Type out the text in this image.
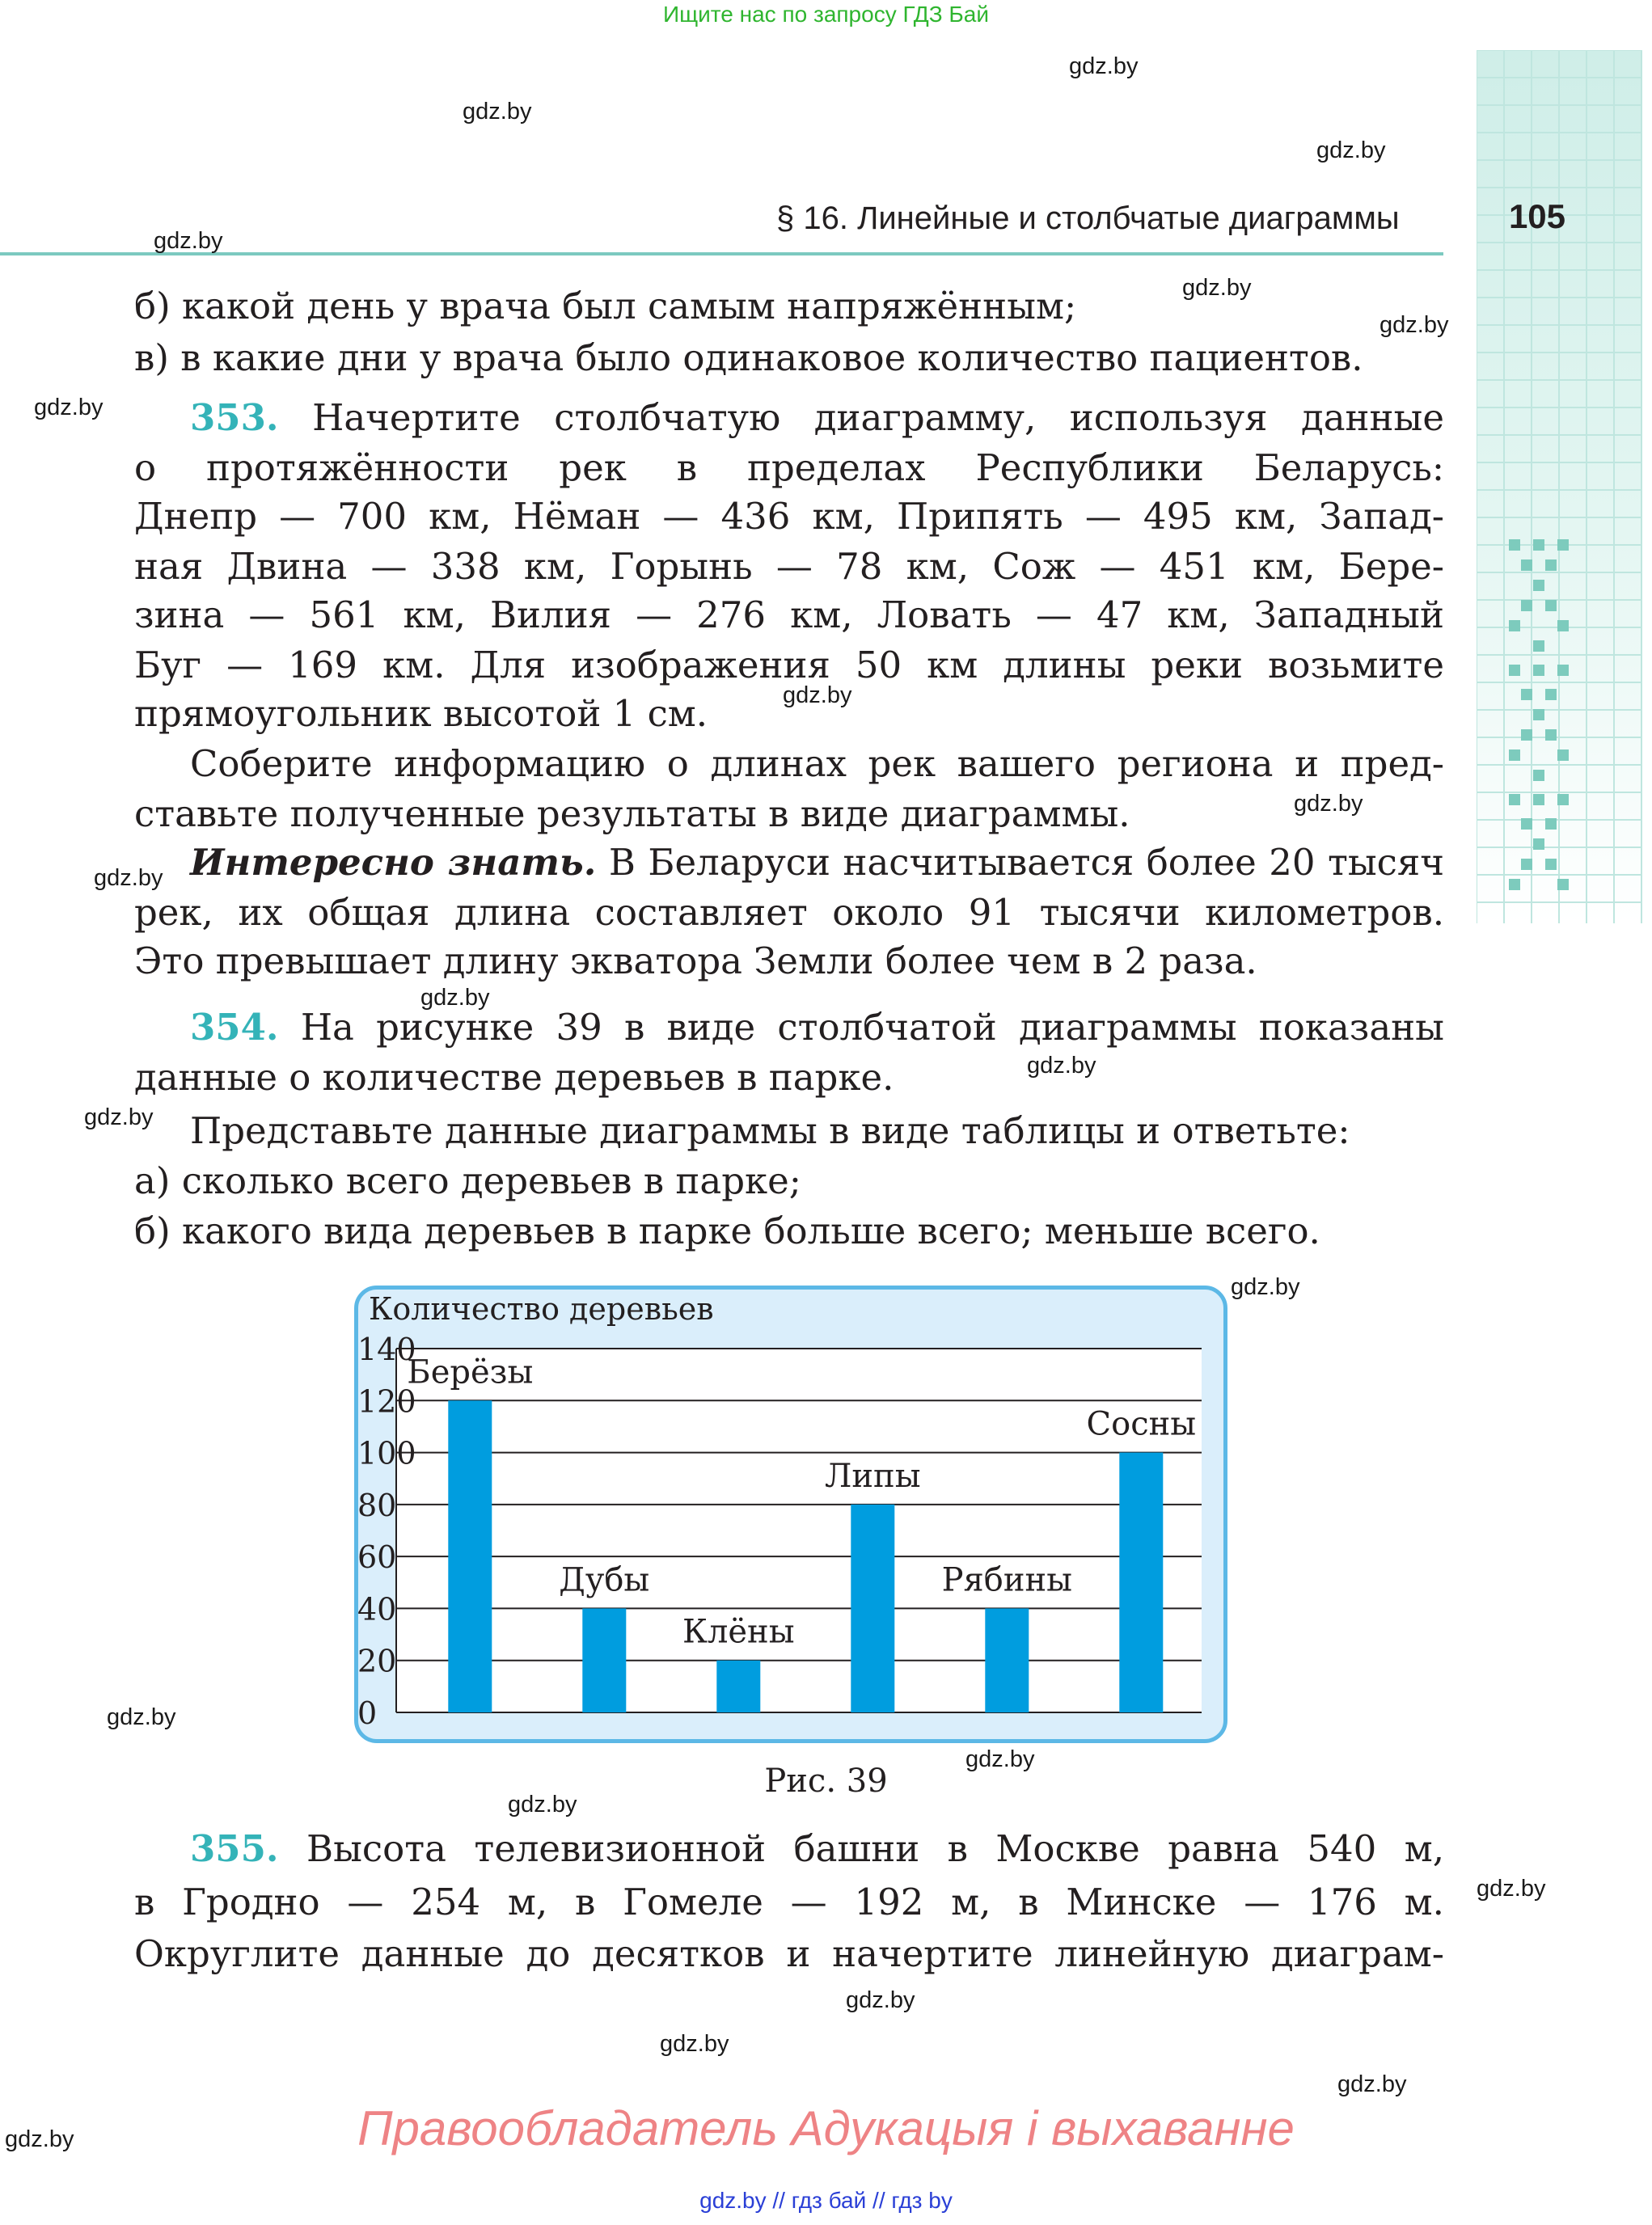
Ищите нас по запросу ГДЗ Бай
105
§ 16. Линейные и столбчатые диаграммы
gdz.by
gdz.by
gdz.by
gdz.by
gdz.by
gdz.by
gdz.by
gdz.by
gdz.by
gdz.by
gdz.by
gdz.by
gdz.by
gdz.by
gdz.by
gdz.by
gdz.by
gdz.by
gdz.by
gdz.by
gdz.by
gdz.by
б) какой день у врача был самым напряжённым;
в) в какие дни у врача было одинаковое количество пациентов.
353. Начертите столбчатую диаграмму, используя данные
о протяжённости рек в пределах Республики Беларусь:
Днепр — 700 км, Нёман — 436 км, Припять — 495 км, Запад-
ная Двина — 338 км, Горынь — 78 км, Сож — 451 км, Бере-
зина — 561 км, Вилия — 276 км, Ловать — 47 км, Западный
Буг — 169 км. Для изображения 50 км длины реки возьмите
прямоугольник высотой 1 см.
Соберите информацию о длинах рек вашего региона и пред-
ставьте полученные результаты в виде диаграммы.
Интересно знать. В Беларуси насчитывается более 20 тысяч
рек, их общая длина составляет около 91 тысячи километров.
Это превышает длину экватора Земли более чем в 2 раза.
354. На рисунке 39 в виде столбчатой диаграммы показаны
данные о количестве деревьев в парке.
Представьте данные диаграммы в виде таблицы и ответьте:
а) сколько всего деревьев в парке;
б) какого вида деревьев в парке больше всего; меньше всего.
140
120
100
80
60
40
20
0
Берёзы
Дубы
Клёны
Липы
Рябины
Сосны
Количество деревьев
Рис. 39
355. Высота телевизионной башни в Москве равна 540 м,
в Гродно — 254 м, в Гомеле — 192 м, в Минске — 176 м.
Округлите данные до десятков и начертите линейную диаграм-
Правообладатель Адукацыя і выхаванне
gdz.by // гдз бай // гдз by
